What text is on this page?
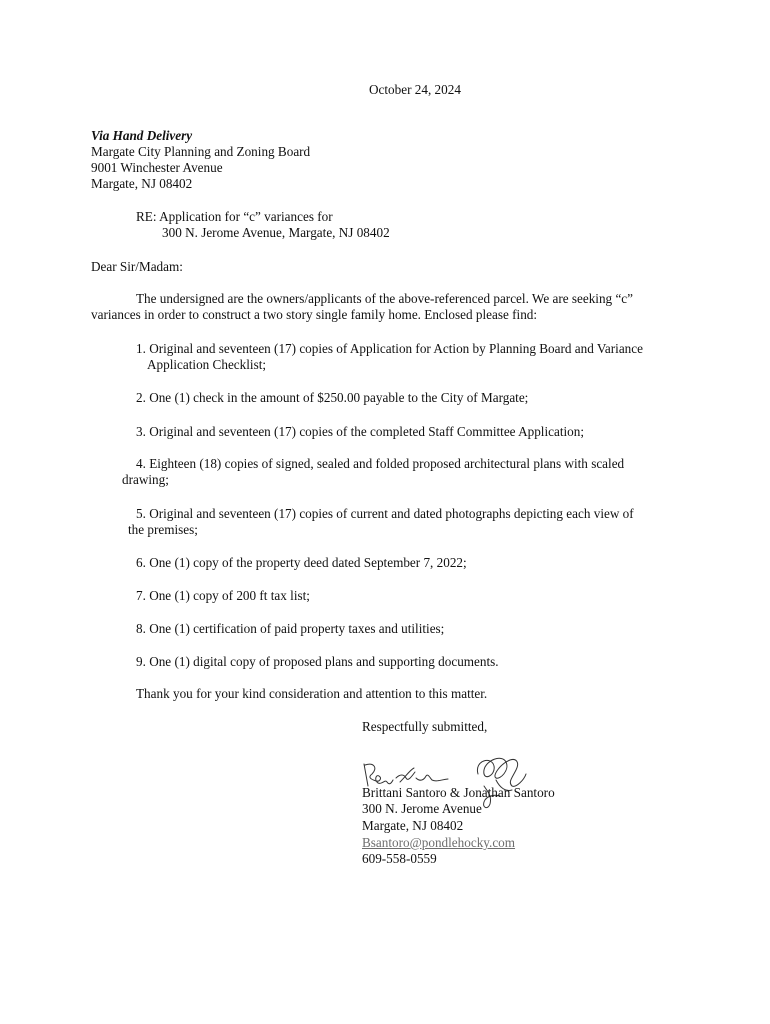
October 24, 2024
Via Hand Delivery
Margate City Planning and Zoning Board
9001 Winchester Avenue
Margate, NJ 08402
RE: Application for “c” variances for
300 N. Jerome Avenue, Margate, NJ 08402
Dear Sir/Madam:
The undersigned are the owners/applicants of the above-referenced parcel. We are seeking “c”
variances in order to construct a two story single family home. Enclosed please find:
1. Original and seventeen (17) copies of Application for Action by Planning Board and Variance
Application Checklist;
2. One (1) check in the amount of $250.00 payable to the City of Margate;
3. Original and seventeen (17) copies of the completed Staff Committee Application;
4. Eighteen (18) copies of signed, sealed and folded proposed architectural plans with scaled
drawing;
5. Original and seventeen (17) copies of current and dated photographs depicting each view of
the premises;
6. One (1) copy of the property deed dated September 7, 2022;
7. One (1) copy of 200 ft tax list;
8. One (1) certification of paid property taxes and utilities;
9. One (1) digital copy of proposed plans and supporting documents.
Thank you for your kind consideration and attention to this matter.
Respectfully submitted,
Brittani Santoro & Jonathan Santoro
300 N. Jerome Avenue
Margate, NJ 08402
Bsantoro@pondlehocky.com
609-558-0559
